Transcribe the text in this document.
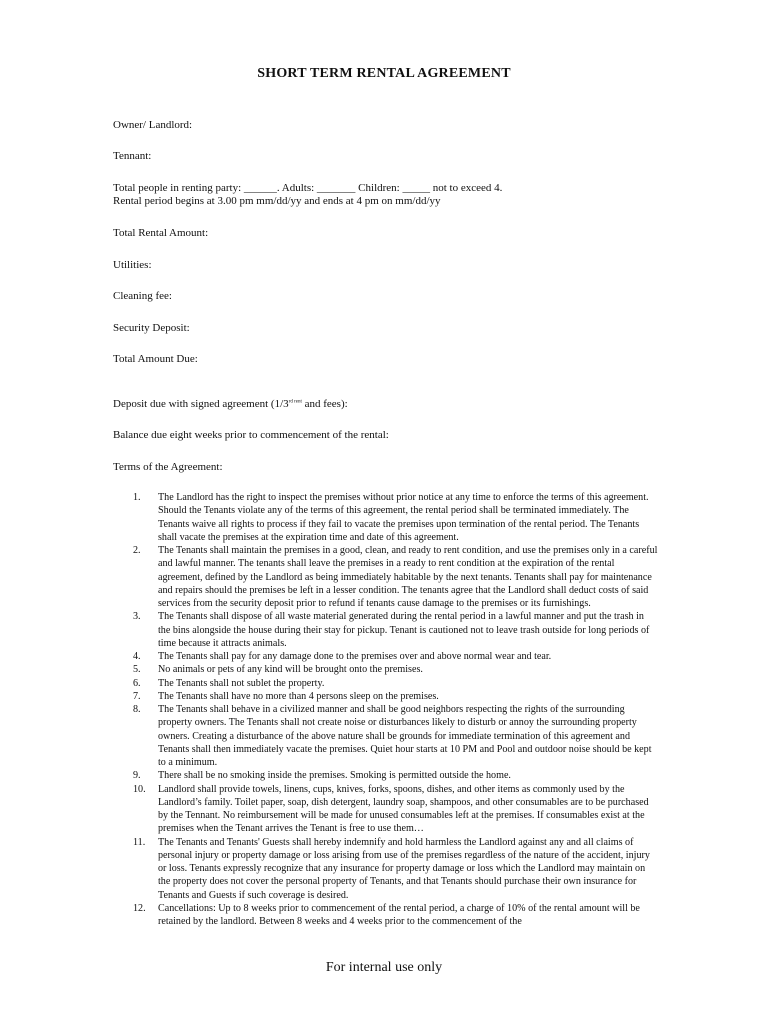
SHORT TERM RENTAL AGREEMENT
Owner/ Landlord:
Tennant:
Total people in renting party: ______. Adults: _______ Children: _____ not to exceed 4.
Rental period begins at 3.00 pm mm/dd/yy and ends at 4 pm on mm/dd/yy
Total Rental Amount:
Utilities:
Cleaning fee:
Security Deposit:
Total Amount Due:
Deposit due with signed agreement ($1/3^{rd rent}$ and fees):
Balance due eight weeks prior to commencement of the rental:
Terms of the Agreement:
1. The Landlord has the right to inspect the premises without prior notice at any time to enforce the terms of this agreement. Should the Tenants violate any of the terms of this agreement, the rental period shall be terminated immediately. The Tenants waive all rights to process if they fail to vacate the premises upon termination of the rental period. The Tenants shall vacate the premises at the expiration time and date of this agreement.
2. The Tenants shall maintain the premises in a good, clean, and ready to rent condition, and use the premises only in a careful and lawful manner. The tenants shall leave the premises in a ready to rent condition at the expiration of the rental agreement, defined by the Landlord as being immediately habitable by the next tenants. Tenants shall pay for maintenance and repairs should the premises be left in a lesser condition. The tenants agree that the Landlord shall deduct costs of said services from the security deposit prior to refund if tenants cause damage to the premises or its furnishings.
3. The Tenants shall dispose of all waste material generated during the rental period in a lawful manner and put the trash in the bins alongside the house during their stay for pickup. Tenant is cautioned not to leave trash outside for long periods of time because it attracts animals.
4. The Tenants shall pay for any damage done to the premises over and above normal wear and tear.
5. No animals or pets of any kind will be brought onto the premises.
6. The Tenants shall not sublet the property.
7. The Tenants shall have no more than 4 persons sleep on the premises.
8. The Tenants shall behave in a civilized manner and shall be good neighbors respecting the rights of the surrounding property owners. The Tenants shall not create noise or disturbances likely to disturb or annoy the surrounding property owners. Creating a disturbance of the above nature shall be grounds for immediate termination of this agreement and Tenants shall then immediately vacate the premises. Quiet hour starts at 10 PM and Pool and outdoor noise should be kept to a minimum.
9. There shall be no smoking inside the premises. Smoking is permitted outside the home.
10. Landlord shall provide towels, linens, cups, knives, forks, spoons, dishes, and other items as commonly used by the Landlord’s family. Toilet paper, soap, dish detergent, laundry soap, shampoos, and other consumables are to be purchased by the Tennant. No reimbursement will be made for unused consumables left at the premises. If consumables exist at the premises when the Tenant arrives the Tenant is free to use them…
11. The Tenants and Tenants' Guests shall hereby indemnify and hold harmless the Landlord against any and all claims of personal injury or property damage or loss arising from use of the premises regardless of the nature of the accident, injury or loss. Tenants expressly recognize that any insurance for property damage or loss which the Landlord may maintain on the property does not cover the personal property of Tenants, and that Tenants should purchase their own insurance for Tenants and Guests if such coverage is desired.
12. Cancellations: Up to 8 weeks prior to commencement of the rental period, a charge of 10% of the rental amount will be retained by the landlord. Between 8 weeks and 4 weeks prior to the commencement of the
For internal use only
